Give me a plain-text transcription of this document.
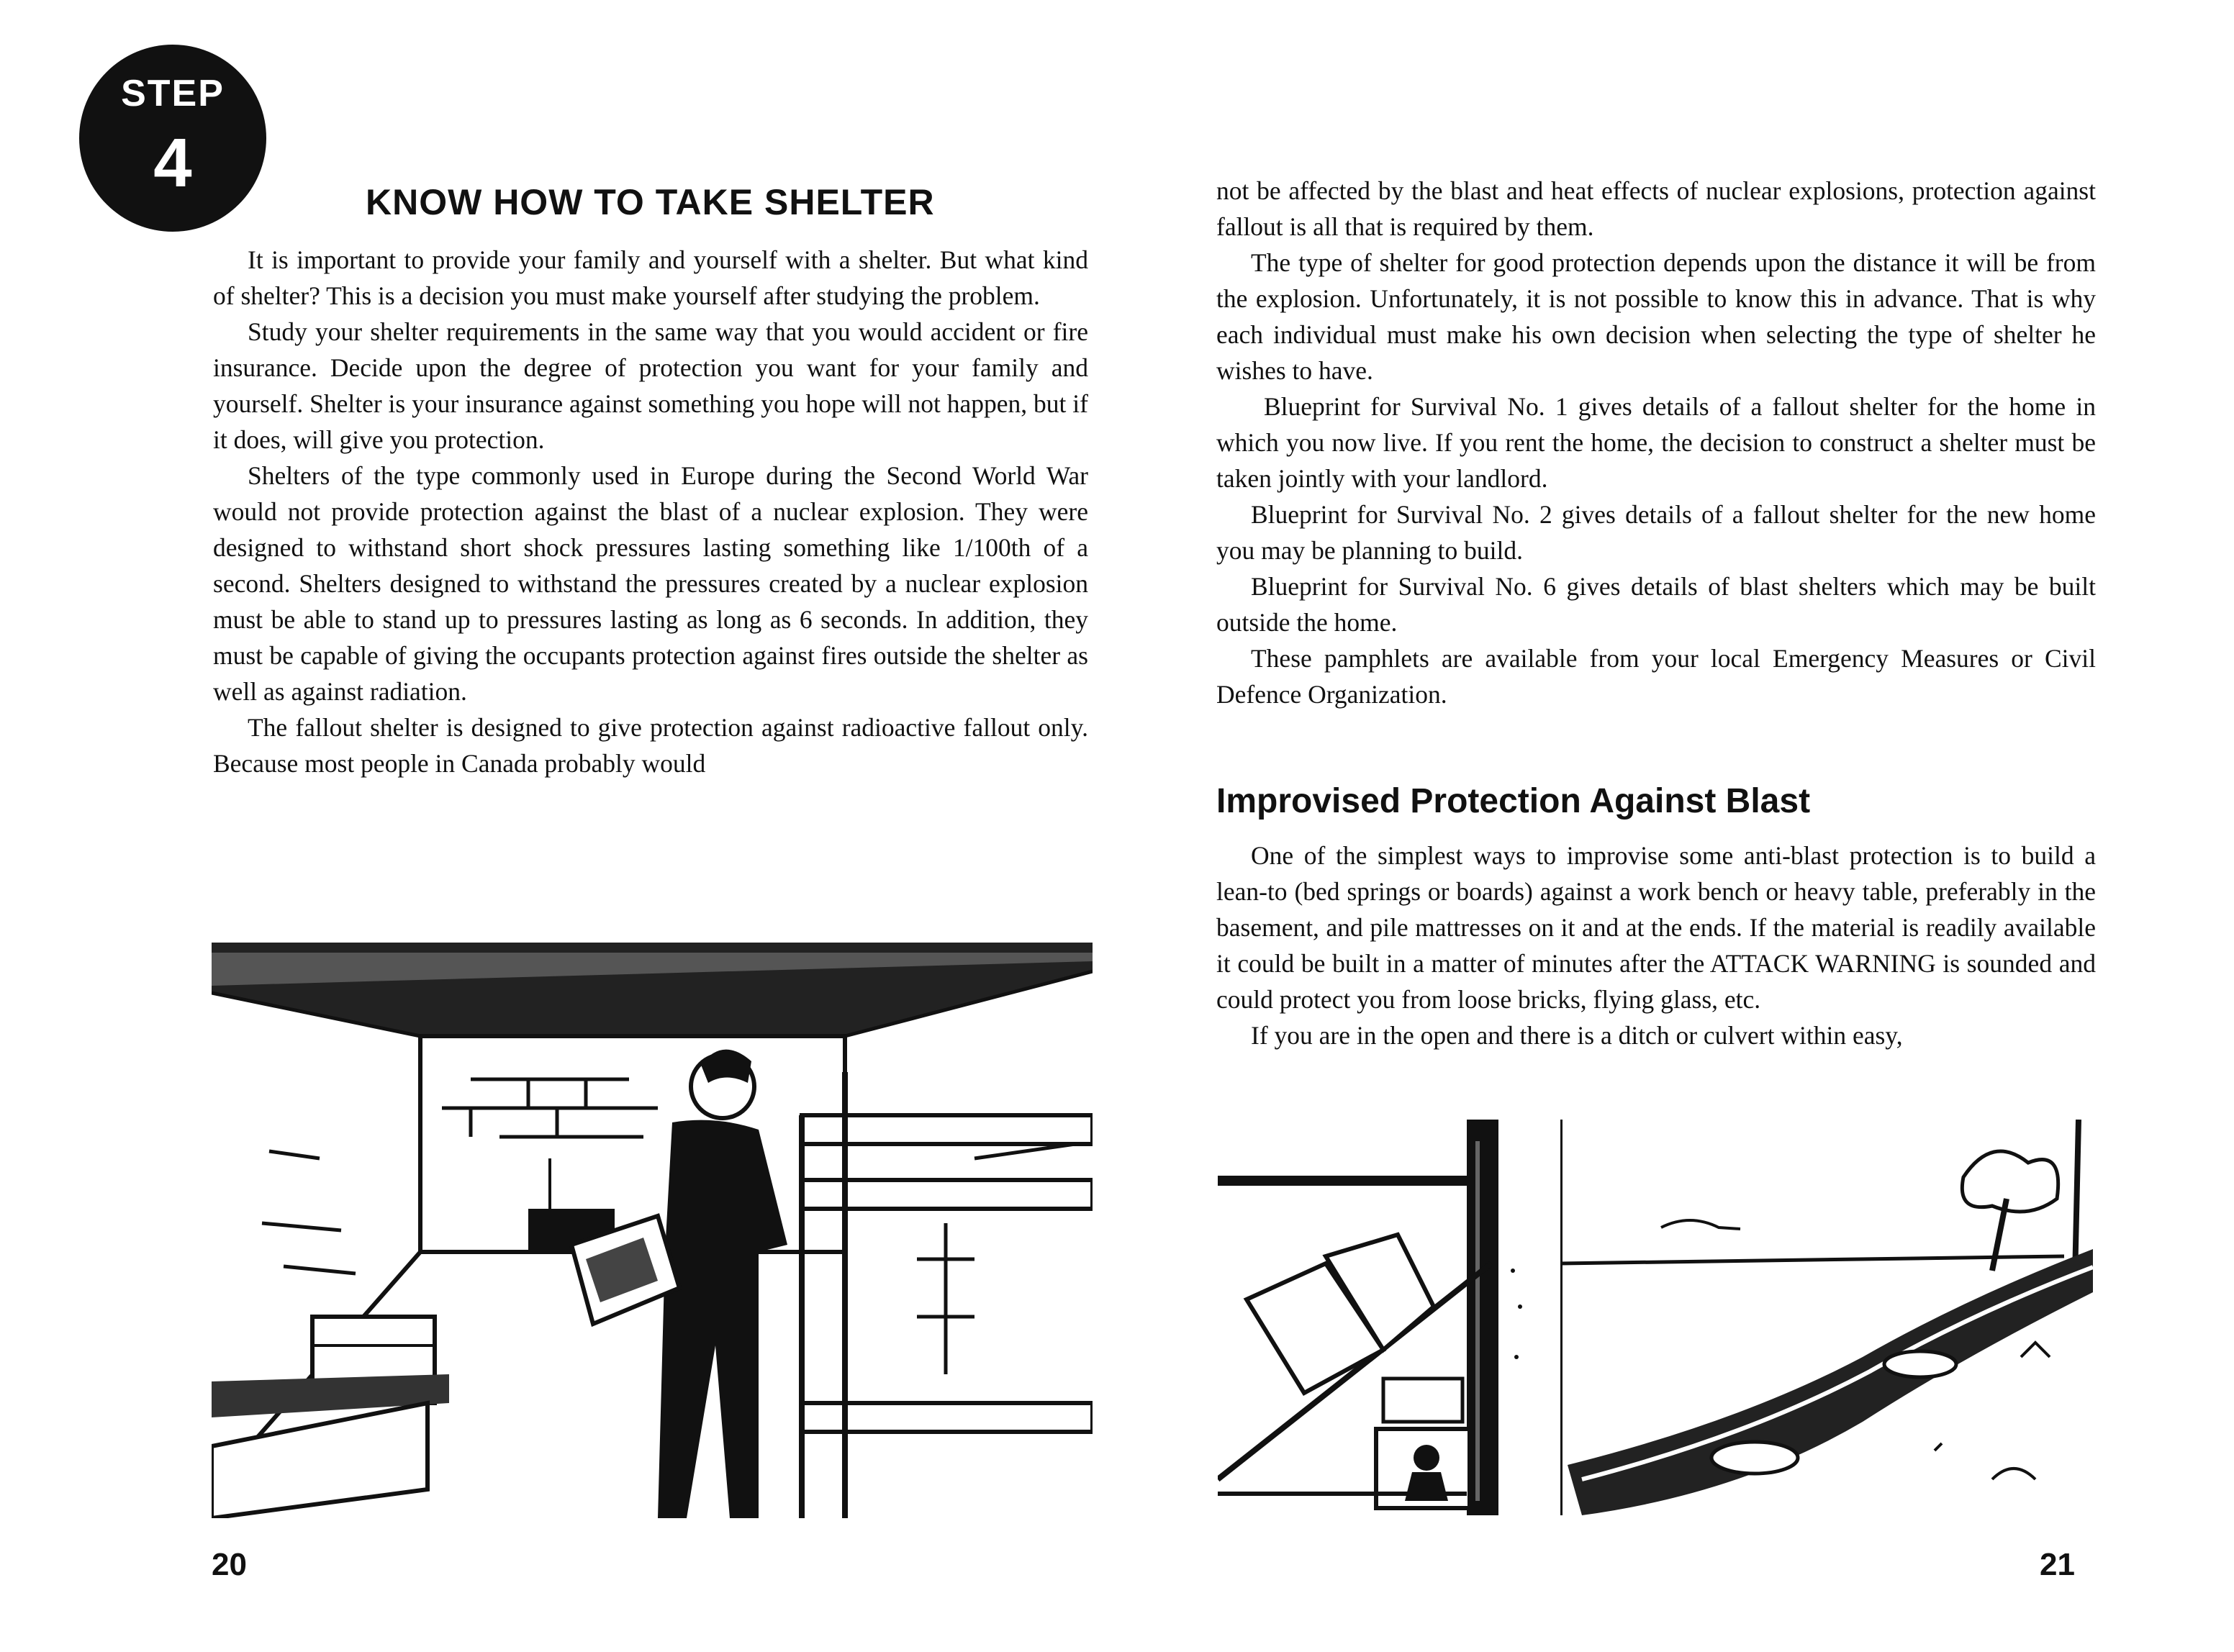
STEP
4
KNOW HOW TO TAKE SHELTER

It is important to provide your family and yourself with a shelter. But what kind of shelter? This is a decision you must make yourself after studying the problem.

Study your shelter requirements in the same way that you would accident or fire insurance. Decide upon the degree of protection you want for your family and yourself. Shelter is your insurance against something you hope will not happen, but if it does, will give you protection.

Shelters of the type commonly used in Europe during the Second World War would not provide protection against the blast of a nuclear explosion. They were designed to withstand short shock pressures lasting something like 1/100th of a second. Shelters designed to withstand the pressures created by a nuclear explosion must be able to stand up to pressures lasting as long as 6 seconds. In addition, they must be capable of giving the occupants protection against fires outside the shelter as well as against radiation.

The fallout shelter is designed to give protection against radioactive fallout only. Because most people in Canada probably would

20

not be affected by the blast and heat effects of nuclear explosions, protection against fallout is all that is required by them.

The type of shelter for good protection depends upon the distance it will be from the explosion. Unfortunately, it is not possible to know this in advance. That is why each individual must make his own decision when selecting the type of shelter he wishes to have.

Blueprint for Survival No. 1 gives details of a fallout shelter for the home in which you now live. If you rent the home, the decision to construct a shelter must be taken jointly with your landlord.

Blueprint for Survival No. 2 gives details of a fallout shelter for the new home you may be planning to build.

Blueprint for Survival No. 6 gives details of blast shelters which may be built outside the home.

These pamphlets are available from your local Emergency Measures or Civil Defence Organization.

Improvised Protection Against Blast

One of the simplest ways to improvise some anti-blast protection is to build a lean-to (bed springs or boards) against a work bench or heavy table, preferably in the basement, and pile mattresses on it and at the ends. If the material is readily available it could be built in a matter of minutes after the ATTACK WARNING is sounded and could protect you from loose bricks, flying glass, etc.

If you are in the open and there is a ditch or culvert within easy,

21
